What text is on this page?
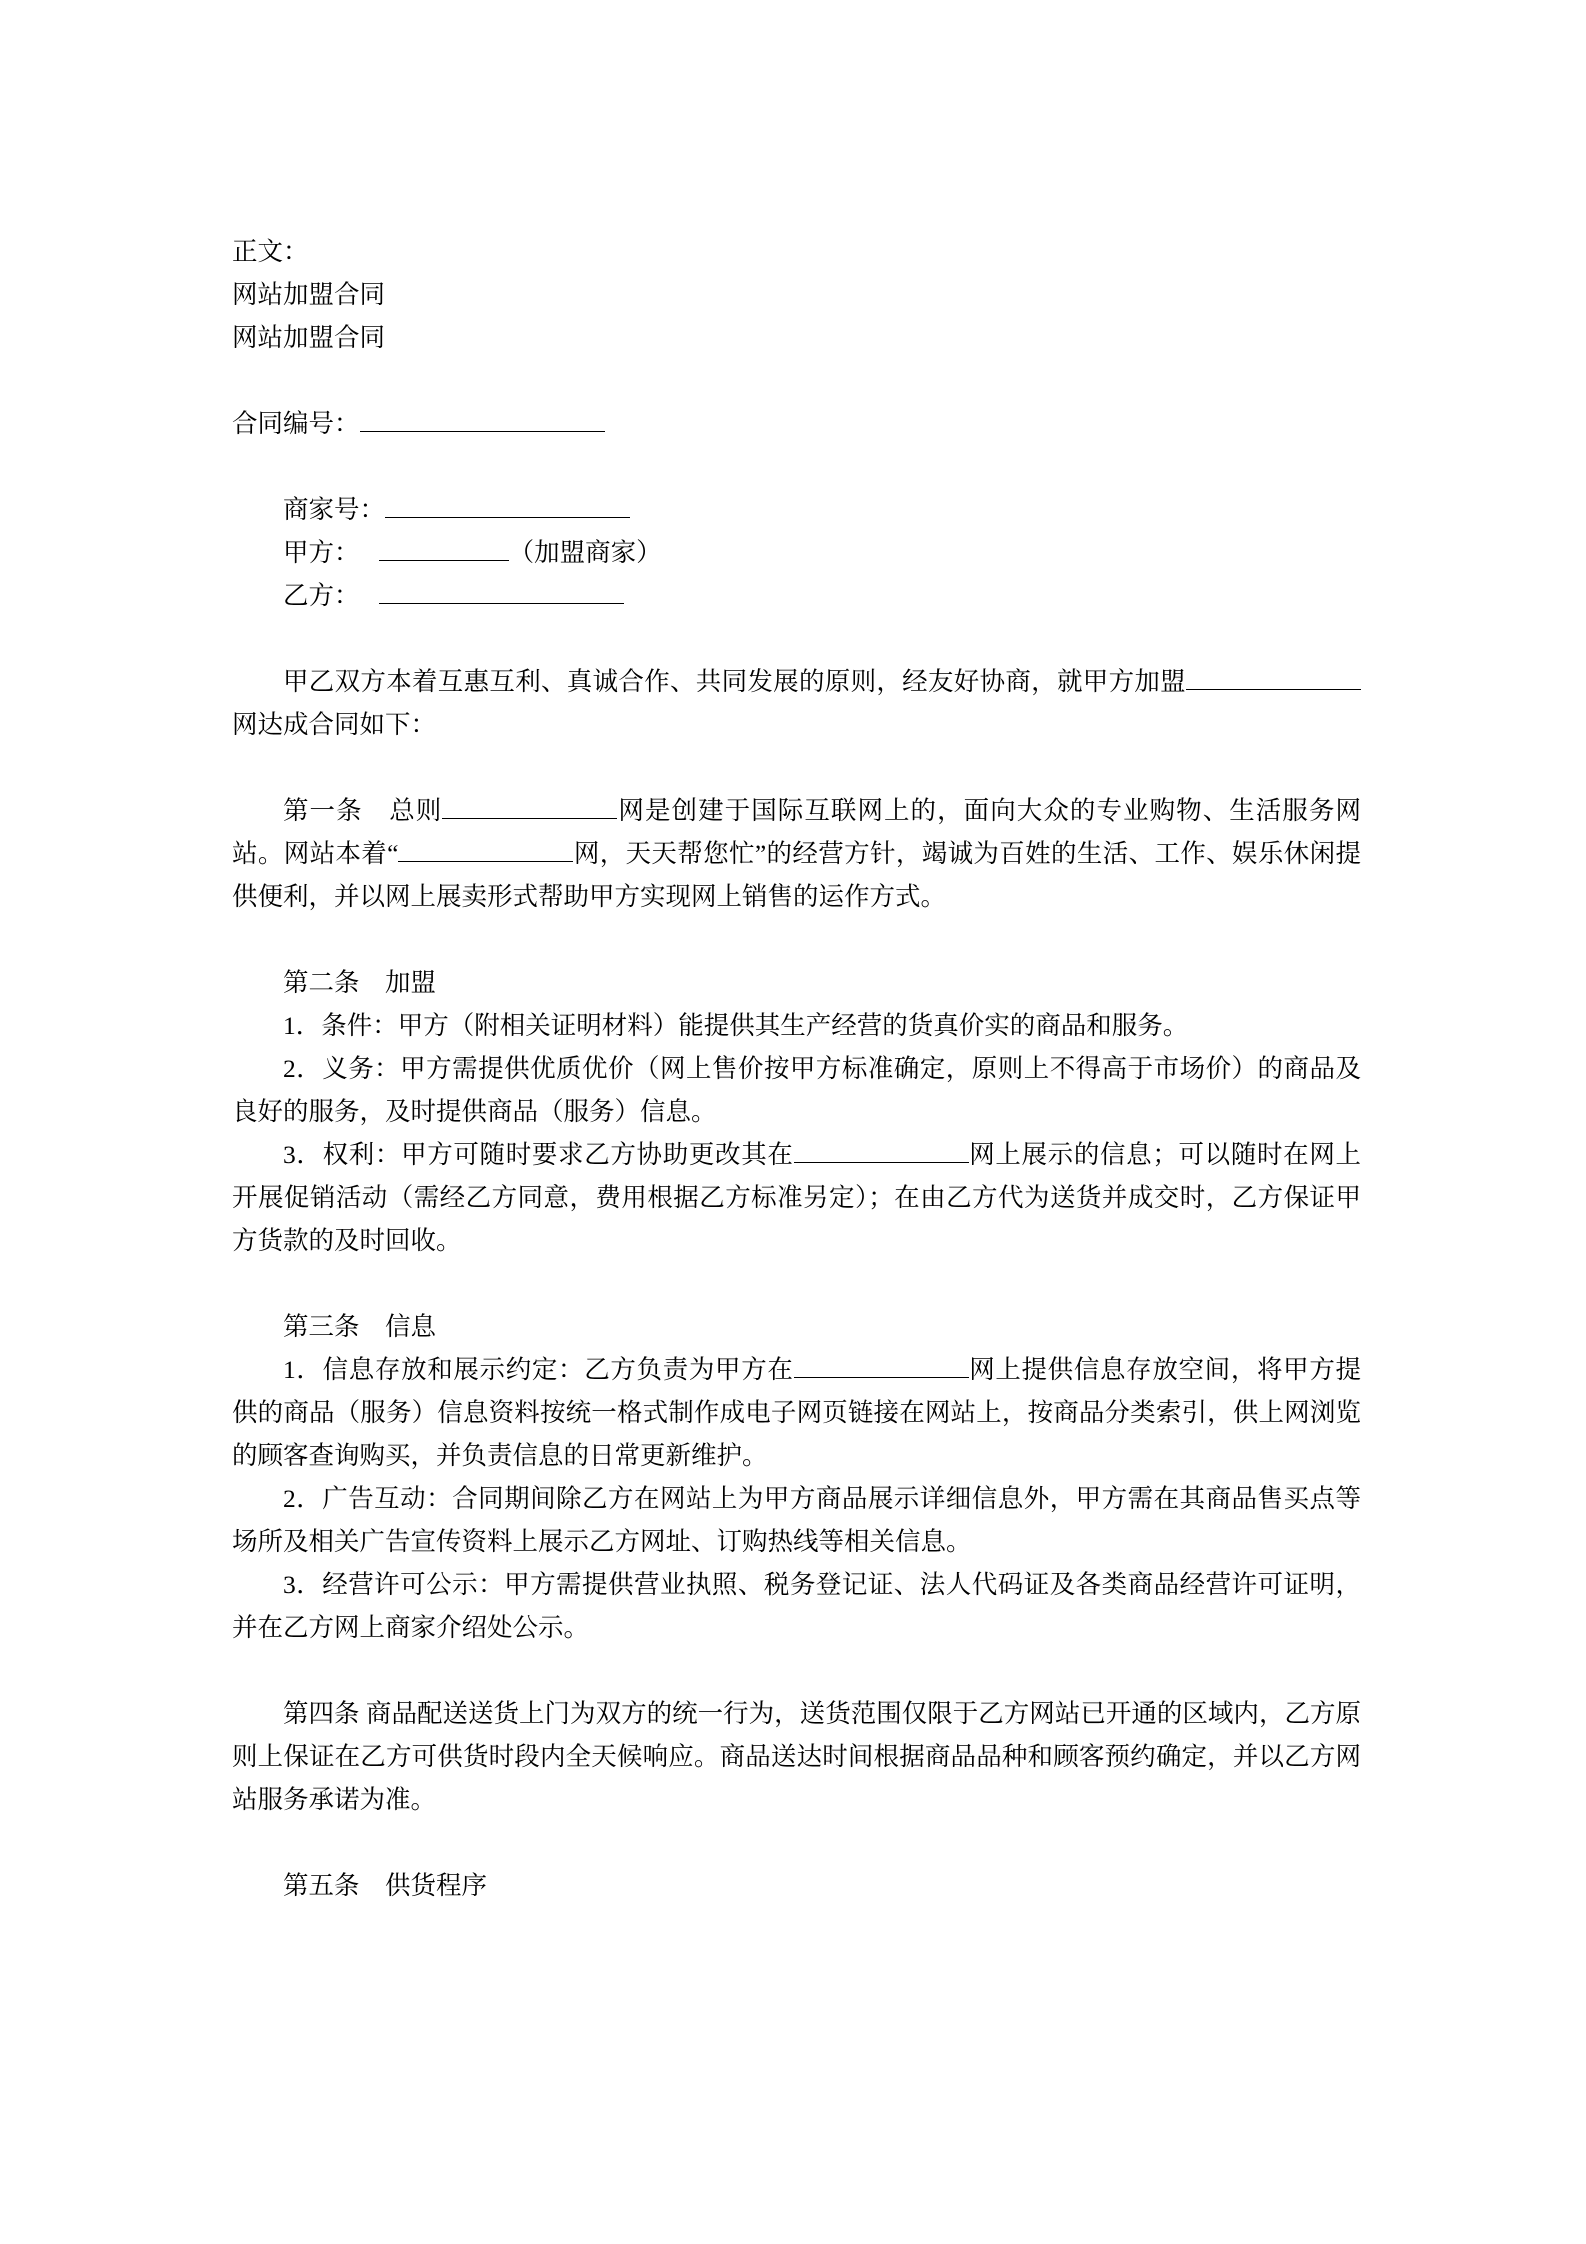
正文：

网站加盟合同

网站加盟合同

合同编号：

商家号：

甲方：	（加盟商家）

乙方：

甲乙双方本着互惠互利、真诚合作、共同发展的原则，经友好协商，就甲方加盟网达成合同如下：

第一条　总则	网是创建于国际互联网上的，面向大众的专业购物、生活服务网站。网站本着“	网，天天帮您忙”的经营方针，竭诚为百姓的生活、工作、娱乐休闲提供便利，并以网上展卖形式帮助甲方实现网上销售的运作方式。

第二条　加盟

1．条件：甲方（附相关证明材料）能提供其生产经营的货真价实的商品和服务。

2．义务：甲方需提供优质优价（网上售价按甲方标准确定，原则上不得高于市场价）的商品及良好的服务，及时提供商品（服务）信息。

3．权利：甲方可随时要求乙方协助更改其在	网上展示的信息；可以随时在网上开展促销活动（需经乙方同意，费用根据乙方标准另定）；在由乙方代为送货并成交时，乙方保证甲方货款的及时回收。

第三条　信息

1．信息存放和展示约定：乙方负责为甲方在	网上提供信息存放空间，将甲方提供的商品（服务）信息资料按统一格式制作成电子网页链接在网站上，按商品分类索引，供上网浏览的顾客查询购买，并负责信息的日常更新维护。

2．广告互动：合同期间除乙方在网站上为甲方商品展示详细信息外，甲方需在其商品售买点等场所及相关广告宣传资料上展示乙方网址、订购热线等相关信息。

3．经营许可公示：甲方需提供营业执照、税务登记证、法人代码证及各类商品经营许可证明，并在乙方网上商家介绍处公示。

第四条 商品配送送货上门为双方的统一行为，送货范围仅限于乙方网站已开通的区域内，乙方原则上保证在乙方可供货时段内全天候响应。商品送达时间根据商品品种和顾客预约确定，并以乙方网站服务承诺为准。

第五条　供货程序
